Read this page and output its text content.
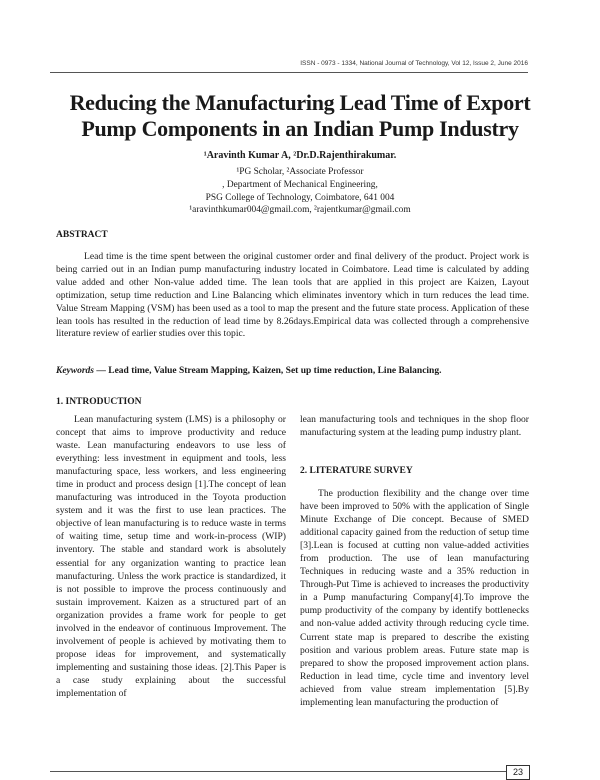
ISSN - 0973 - 1334, National Journal of Technology, Vol 12, Issue 2, June 2016
Reducing the Manufacturing Lead Time of Export
Pump Components in an Indian Pump Industry
¹Aravinth Kumar A, ²Dr.D.Rajenthirakumar.
¹PG Scholar, ²Associate Professor
, Department of Mechanical Engineering,
PSG College of Technology, Coimbatore, 641 004
¹aravinthkumar004@gmail.com, ²rajentkumar@gmail.com
ABSTRACT

Lead time is the time spent between the original customer order and final delivery of the product. Project work is being carried out in an Indian pump manufacturing industry located in Coimbatore. Lead time is calculated by adding value added and other Non-value added time. The lean tools that are applied in this project are Kaizen, Layout optimization, setup time reduction and Line Balancing which eliminates inventory which in turn reduces the lead time. Value Stream Mapping (VSM) has been used as a tool to map the present and the future state process. Application of these lean tools has resulted in the reduction of lead time by 8.26days.Empirical data was collected through a comprehensive literature review of earlier studies over this topic.

Keywords — Lead time, Value Stream Mapping, Kaizen, Set up time reduction, Line Balancing.
1. INTRODUCTION

Lean manufacturing system (LMS) is a philosophy or concept that aims to improve productivity and reduce waste. Lean manufacturing endeavors to use less of everything: less investment in equipment and tools, less manufacturing space, less workers, and less engineering time in product and process design [1].The concept of lean manufacturing was introduced in the Toyota production system and it was the first to use lean practices. The objective of lean manufacturing is to reduce waste in terms of waiting time, setup time and work-in-process (WIP) inventory. The stable and standard work is absolutely essential for any organization wanting to practice lean manufacturing. Unless the work practice is standardized, it is not possible to improve the process continuously and sustain improvement. Kaizen as a structured part of an organization provides a frame work for people to get involved in the endeavor of continuous Improvement. The involvement of people is achieved by motivating them to propose ideas for improvement, and systematically implementing and sustaining those ideas. [2].This Paper is a case study explaining about the successful implementation of

lean manufacturing tools and techniques in the shop floor manufacturing system at the leading pump industry plant.

2. LITERATURE SURVEY

The production flexibility and the change over time have been improved to 50% with the application of Single Minute Exchange of Die concept. Because of SMED additional capacity gained from the reduction of setup time [3].Lean is focused at cutting non value-added activities from production. The use of lean manufacturing Techniques in reducing waste and a 35% reduction in Through-Put Time is achieved to increases the productivity in a Pump manufacturing Company[4].To improve the pump productivity of the company by identify bottlenecks and non-value added activity through reducing cycle time. Current state map is prepared to describe the existing position and various problem areas. Future state map is prepared to show the proposed improvement action plans. Reduction in lead time, cycle time and inventory level achieved from value stream implementation [5].By implementing lean manufacturing the production of

23
